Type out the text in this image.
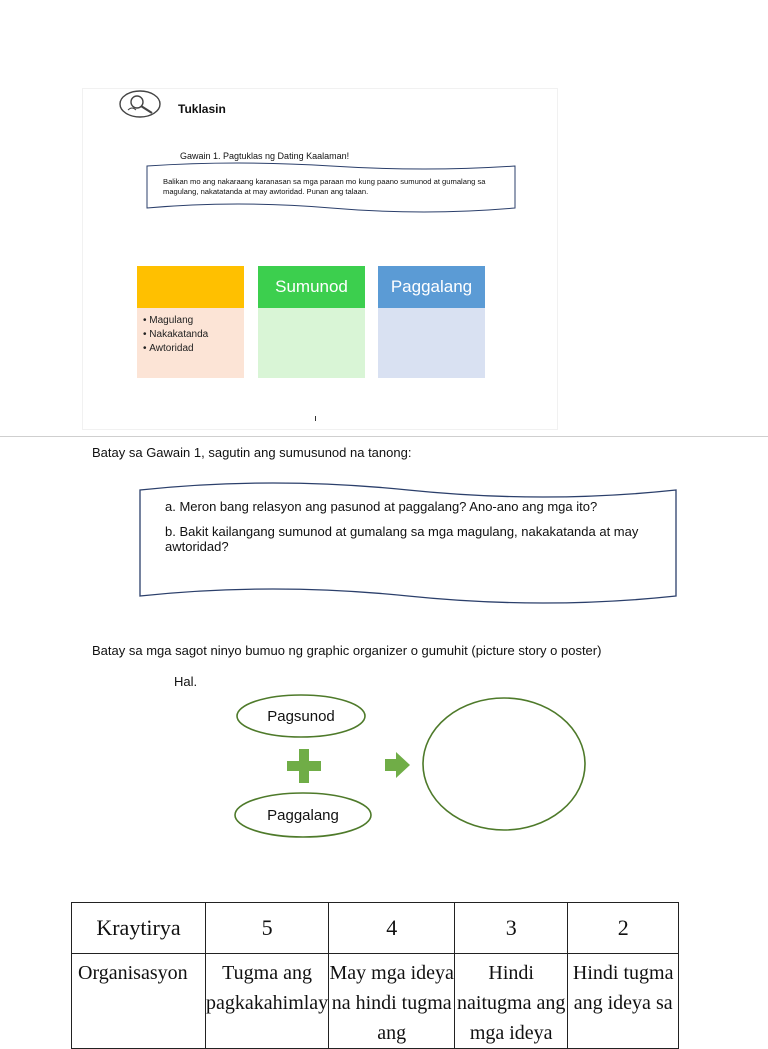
Tuklasin
Gawain 1. Pagtuklas ng Dating Kaalaman!
Balikan mo ang nakaraang karanasan sa mga paraan mo kung paano sumunod at gumalang sa magulang, nakatatanda at may awtoridad. Punan ang talaan.
• Magulang
• Nakakatanda
• Awtoridad
Sumunod	Paggalang
Batay sa Gawain 1, sagutin ang sumusunod na tanong:

a. Meron bang relasyon ang pasunod at paggalang? Ano-ano ang mga ito?

b. Bakit kailangang sumunod at gumalang sa mga magulang, nakakatanda at may awtoridad?

Batay sa mga sagot ninyo bumuo ng graphic organizer o gumuhit (picture story o poster)
Hal.
Pagsunod
Paggalang
Kraytirya	5	4	3	2
Organisasyon	Tugma ang pagkakahimlay	May mga ideya na hindi tugma ang	Hindi naitugma ang mga ideya	Hindi tugma ang ideya sa
